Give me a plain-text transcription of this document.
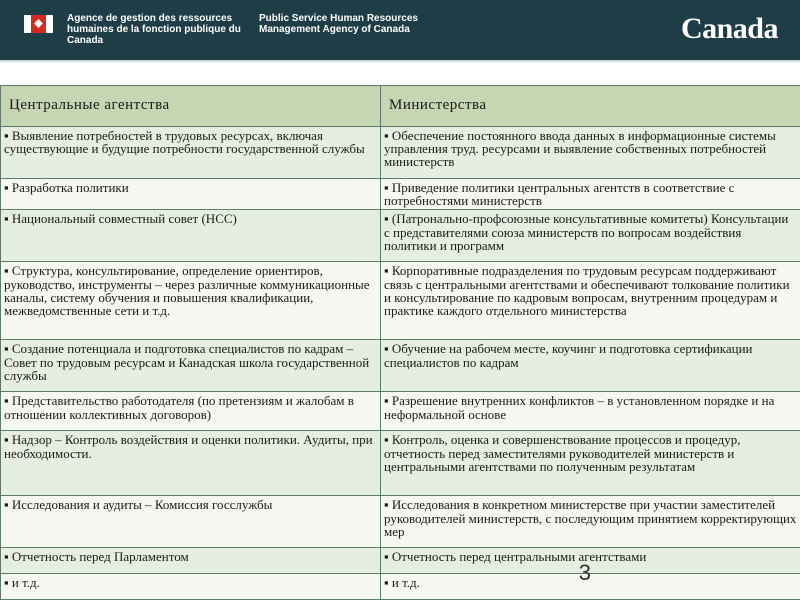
Agence de gestion des ressources humaines de la fonction publique du Canada
Public Service Human Resources Management Agency of Canada	Canada
Центральные агентства	Министерства
▪ Выявление потребностей в трудовых ресурсах, включая существующие и будущие потребности государственной службы	▪ Обеспечение постоянного ввода данных в информационные системы управления труд. ресурсами и выявление собственных потребностей министерств
▪ Разработка политики	▪ Приведение политики центральных агентств в соответствие с потребностями министерств
▪ Национальный совместный совет (НСС)	▪ (Патронально-профсоюзные консультативные комитеты) Консультации с представителями союза министерств по вопросам воздействия политики и программ
▪ Структура, консультирование, определение ориентиров, руководство, инструменты – через различные коммуникационные каналы, систему обучения и повышения квалификации, межведомственные сети и т.д.	▪ Корпоративные подразделения по трудовым ресурсам поддерживают связь с центральными агентствами и обеспечивают толкование политики и консультирование по кадровым вопросам, внутренним процедурам и практике каждого отдельного министерства
▪ Создание потенциала и подготовка специалистов по кадрам – Совет по трудовым ресурсам и Канадская школа государственной службы	▪ Обучение на рабочем месте, коучинг и подготовка сертификации специалистов по кадрам
▪ Представительство работодателя (по претензиям и жалобам в отношении коллективных договоров)	▪ Разрешение внутренних конфликтов – в установленном порядке и на неформальной основе
▪ Надзор – Контроль воздействия и оценки политики. Аудиты, при необходимости.	▪ Контроль, оценка и совершенствование процессов и процедур, отчетность перед заместителями руководителей министерств и центральными агентствами по полученным результатам
▪ Исследования и аудиты – Комиссия госслужбы	▪ Исследования в конкретном министерстве при участии заместителей руководителей министерств, с последующим принятием корректирующих мер
▪ Отчетность перед Парламентом	▪ Отчетность перед центральными агентствами
▪ и т.д.	▪ и т.д.	3
